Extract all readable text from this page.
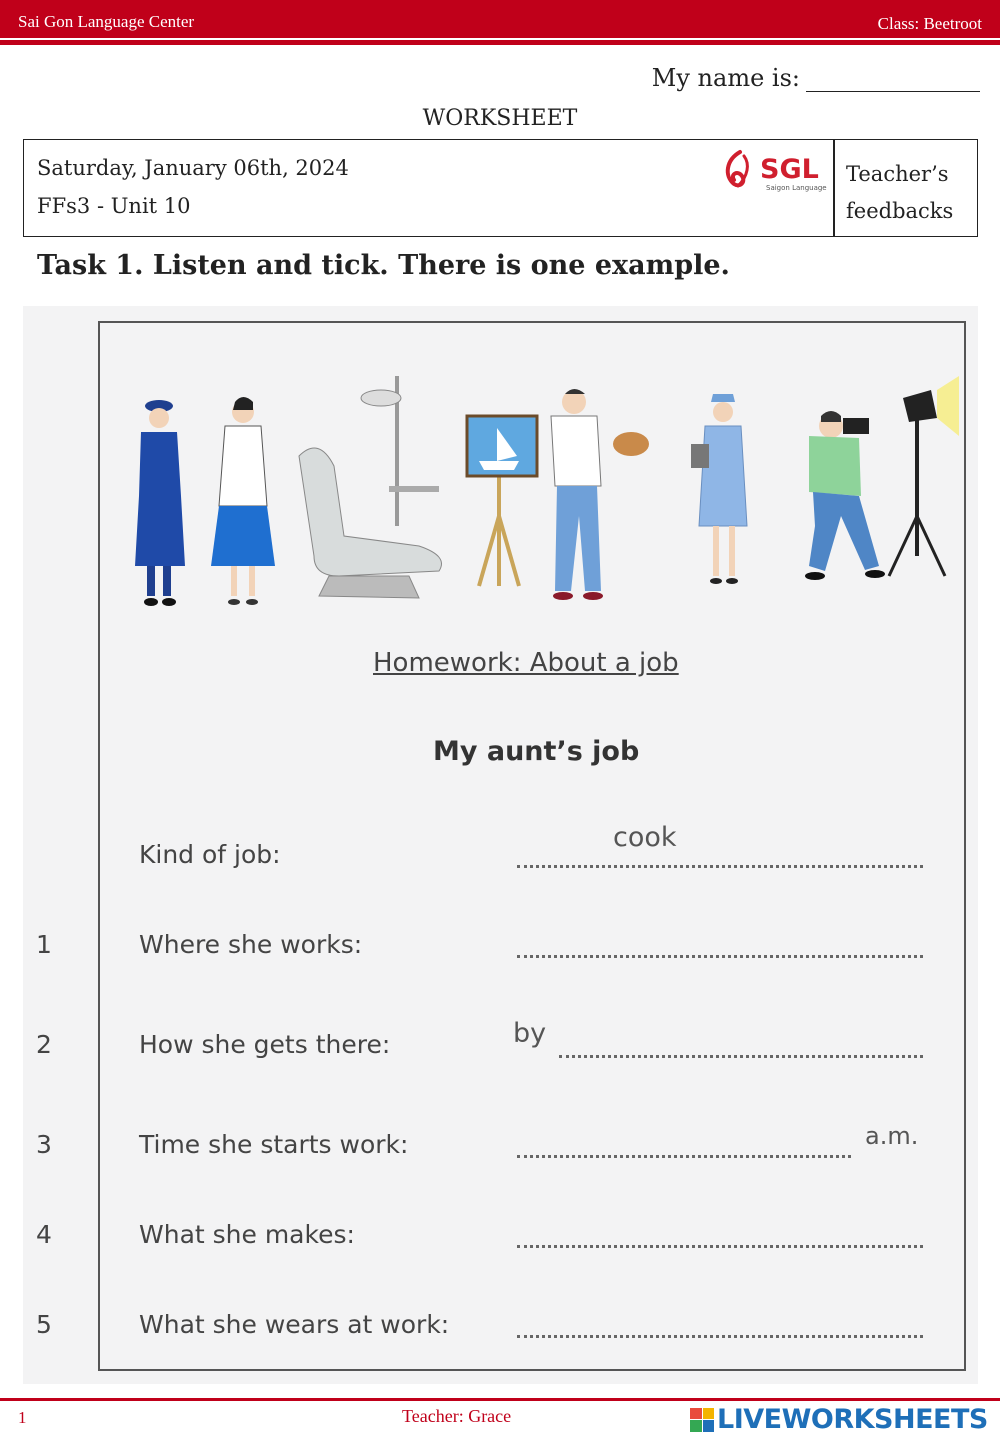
Sai Gon Language Center	Class: Beetroot
My name is:
WORKSHEET
Saturday, January 06th, 2024
FFs3 - Unit 10
SGL
Saigon Language
Teacher’s
feedbacks
Task 1. Listen and tick. There is one example.
Homework: About a job
My aunt’s job
Kind of job:
cook
1	Where she works:
2	How she gets there:	by
3	Time she starts work:	a.m.
4	What she makes:
5	What she wears at work:
1	Teacher: Grace	LIVEWORKSHEETS
